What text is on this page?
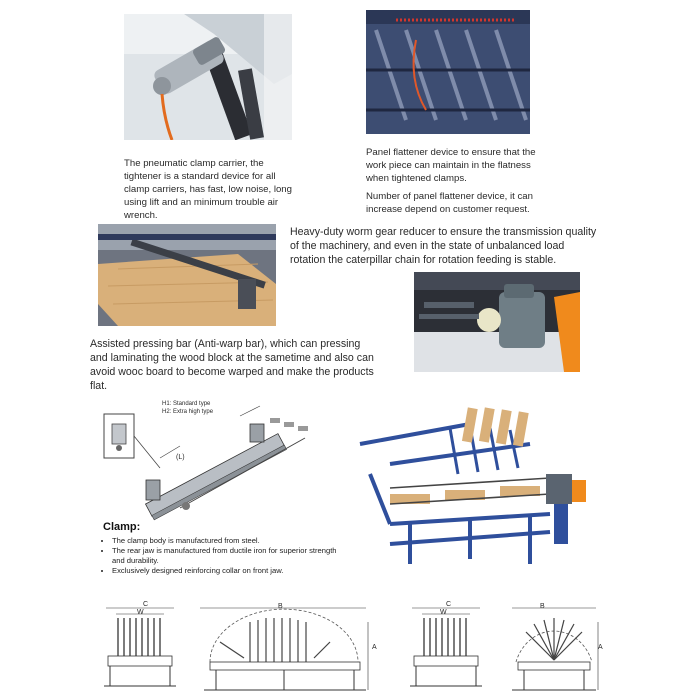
The pneumatic clamp carrier, the tightener is a standard device for all clamp carriers, has fast, low noise, long using lift and an minimum trouble air wrench.
Panel flattener device to ensure that the work piece can maintain in the flatness when tightened clamps.
Number of panel flattener device, it can increase depend on customer request.
Heavy-duty worm gear reducer to ensure the transmission quality of the machinery, and even in the state of unbalanced load rotation the caterpillar chain for rotation feeding is stable.
Assisted pressing bar (Anti-warp bar), which can pressing and laminating the wood block at the sametime and also can avoid wooc board to become warped and make the products flat.
H1: Standard type
H2: Extra high type
(L)
Clamp:
• The clamp body is manufactured from steel.
• The rear jaw is manufactured from ductile iron for superior strength and durability.
• Exclusively designed reinforcing collar on front jaw.
C
W
B
A
C
W
B
A
